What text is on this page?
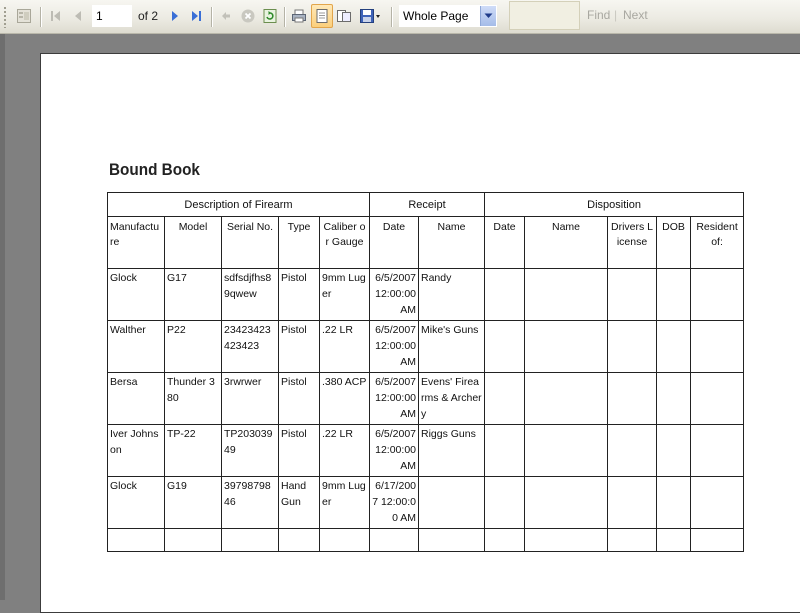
1
of 2	Whole Page	Find | Next
Bound Book
Description of Firearm					Receipt		Disposition				
Manufacture	Model	Serial No.	Type	Caliber or Gauge	Date	Name	Date	Name	Drivers License	DOB	Resident of:
Glock	G17	sdfsdjfhs89qwew	Pistol	9mm Luger	6/5/2007 12:00:00 AM	Randy					
Walther	P22	23423423423423	Pistol	.22 LR	6/5/2007 12:00:00 AM	Mike's Guns					
Bersa	Thunder 380	3rwrwer	Pistol	.380 ACP	6/5/2007 12:00:00 AM	Evens' Firearms & Archery					
Iver Johnson	TP-22	TP20303949	Pistol	.22 LR	6/5/2007 12:00:00 AM	Riggs Guns					
Glock	G19	3979879846	Hand Gun	9mm Luger	6/17/2007 12:00:00 AM						
